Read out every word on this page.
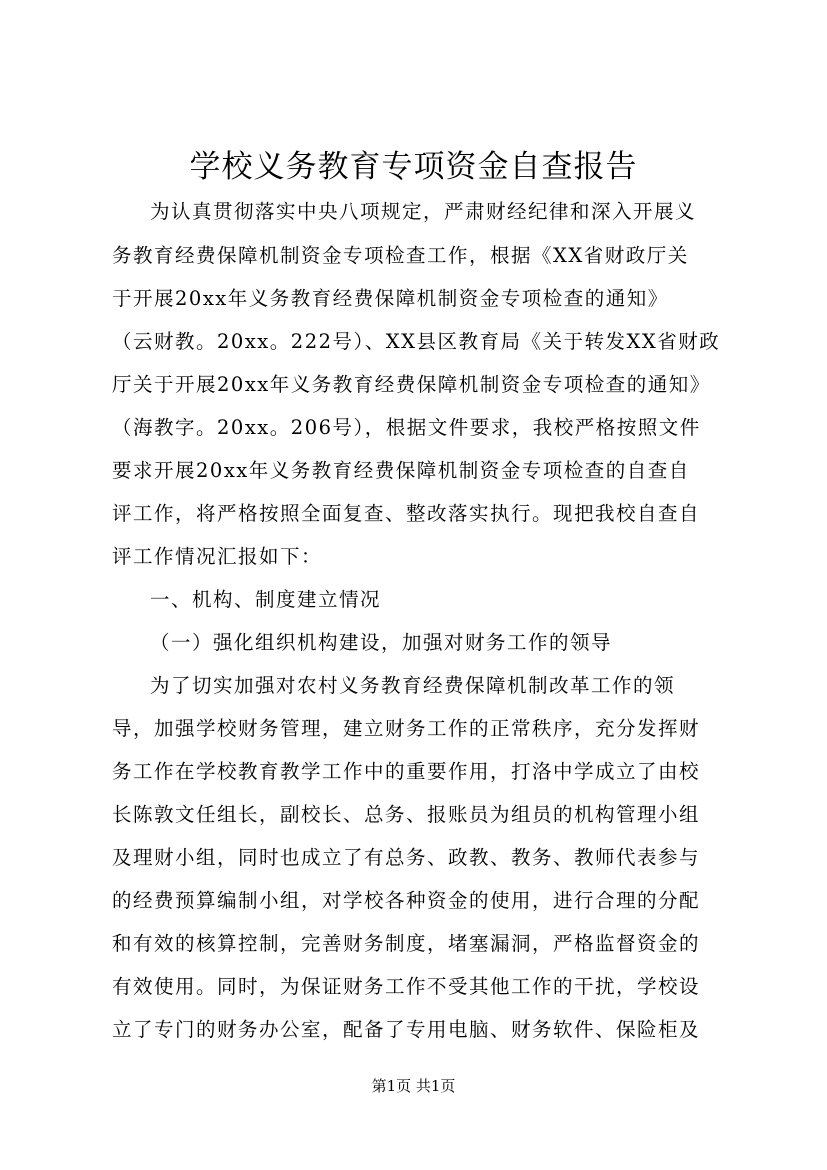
学校义务教育专项资金自查报告
为认真贯彻落实中央八项规定，严肃财经纪律和深入开展义
务教育经费保障机制资金专项检查工作，根据《XX省财政厅关
于开展20xx年义务教育经费保障机制资金专项检查的通知》
（云财教。20xx。222号）、XX县区教育局《关于转发XX省财政
厅关于开展20xx年义务教育经费保障机制资金专项检查的通知》
（海教字。20xx。206号），根据文件要求，我校严格按照文件
要求开展20xx年义务教育经费保障机制资金专项检查的自查自
评工作，将严格按照全面复查、整改落实执行。现把我校自查自
评工作情况汇报如下：
一、机构、制度建立情况
（一）强化组织机构建设，加强对财务工作的领导
为了切实加强对农村义务教育经费保障机制改革工作的领
导，加强学校财务管理，建立财务工作的正常秩序，充分发挥财
务工作在学校教育教学工作中的重要作用，打洛中学成立了由校
长陈敦文任组长，副校长、总务、报账员为组员的机构管理小组
及理财小组，同时也成立了有总务、政教、教务、教师代表参与
的经费预算编制小组，对学校各种资金的使用，进行合理的分配
和有效的核算控制，完善财务制度，堵塞漏洞，严格监督资金的
有效使用。同时，为保证财务工作不受其他工作的干扰，学校设
立了专门的财务办公室，配备了专用电脑、财务软件、保险柜及
第1页 共1页
